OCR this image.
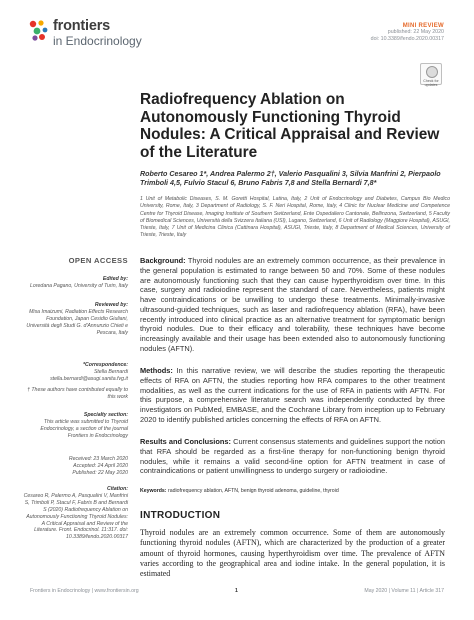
frontiers
in Endocrinology
MINI REVIEW
published: 22 May 2020
doi: 10.3389/fendo.2020.00317
Check for updates
Radiofrequency Ablation on Autonomously Functioning Thyroid Nodules: A Critical Appraisal and Review of the Literature
Roberto Cesareo 1*, Andrea Palermo 2†, Valerio Pasqualini 3, Silvia Manfrini 2, Pierpaolo Trimboli 4,5, Fulvio Stacul 6, Bruno Fabris 7,8 and Stella Bernardi 7,8*
1 Unit of Metabolic Diseases, S. M. Goretti Hospital, Latina, Italy, 2 Unit of Endocrinology and Diabetes, Campus Bio Medico University, Rome, Italy, 3 Department of Radiology, S. F. Neri Hospital, Rome, Italy, 4 Clinic for Nuclear Medicine and Competence Centre for Thyroid Disease, Imaging Institute of Southern Switzerland, Ente Ospedaliero Cantonale, Bellinzona, Switzerland, 5 Faculty of Biomedical Sciences, Università della Svizzera Italiana (USI), Lugano, Switzerland, 6 Unit of Radiology (Maggiore Hospital), ASUGI, Trieste, Italy, 7 Unit of Medicina Clinica (Cattinara Hospital), ASUGI, Trieste, Italy, 8 Department of Medical Sciences, University of Trieste, Trieste, Italy
OPEN ACCESS
Edited by:
Loredana Pagano, University of Turin, Italy
Reviewed by:
Misa Imaizumi, Radiation Effects Research Foundation, Japan Cesidio Giuliani, Università degli Studi G. d'Annunzio Chieti e Pescara, Italy
*Correspondence:
Stella Bernardi stella.bernardi@asugi.sanita.fvg.it
† These authors have contributed equally to this work
Specialty section:
This article was submitted to Thyroid Endocrinology, a section of the journal Frontiers in Endocrinology
Received: 23 March 2020
Accepted: 24 April 2020
Published: 22 May 2020
Citation:
Cesareo R, Palermo A, Pasqualini V, Manfrini S, Trimboli P, Stacul F, Fabris B and Bernardi S (2020) Radiofrequency Ablation on Autonomously Functioning Thyroid Nodules: A Critical Appraisal and Review of the Literature. Front. Endocrinol. 11:317. doi: 10.3389/fendo.2020.00317

Background: Thyroid nodules are an extremely common occurrence, as their prevalence in the general population is estimated to range between 50 and 70%. Some of these nodules are autonomously functioning such that they can cause hyperthyroidism over time. In this case, surgery and radioiodine represent the standard of care. Nevertheless, patients might have contraindications or be unwilling to undergo these treatments. Minimally-invasive ultrasound-guided techniques, such as laser and radiofrequency ablation (RFA), have been recently introduced into clinical practice as an alternative treatment for symptomatic benign thyroid nodules. Due to their efficacy and tolerability, these techniques have become increasingly available and their usage has been extended also to autonomously functioning nodules (AFTN).

Methods: In this narrative review, we will describe the studies reporting the therapeutic effects of RFA on AFTN, the studies reporting how RFA compares to the other treatment modalities, as well as the current indications for the use of RFA in patients with AFTN. For this purpose, a comprehensive literature search was independently conducted by three investigators on PubMed, EMBASE, and the Cochrane Library from inception up to February 2020 to identify published articles concerning the effects of RFA on AFTN.

Results and Conclusions: Current consensus statements and guidelines support the notion that RFA should be regarded as a first-line therapy for non-functioning benign thyroid nodules, while it remains a valid second-line option for AFTN treatment in case of contraindications or patient unwillingness to undergo surgery or radioiodine.

Keywords: radiofrequency ablation, AFTN, benign thyroid adenoma, guideline, thyroid
INTRODUCTION

Thyroid nodules are an extremely common occurrence. Some of them are autonomously functioning thyroid nodules (AFTN), which are characterized by the production of a greater amount of thyroid hormones, causing hyperthyroidism over time. The prevalence of AFTN varies according to the geographical area and iodine intake. In the general population, it is estimated

Frontiers in Endocrinology | www.frontiersin.org	1	May 2020 | Volume 11 | Article 317
